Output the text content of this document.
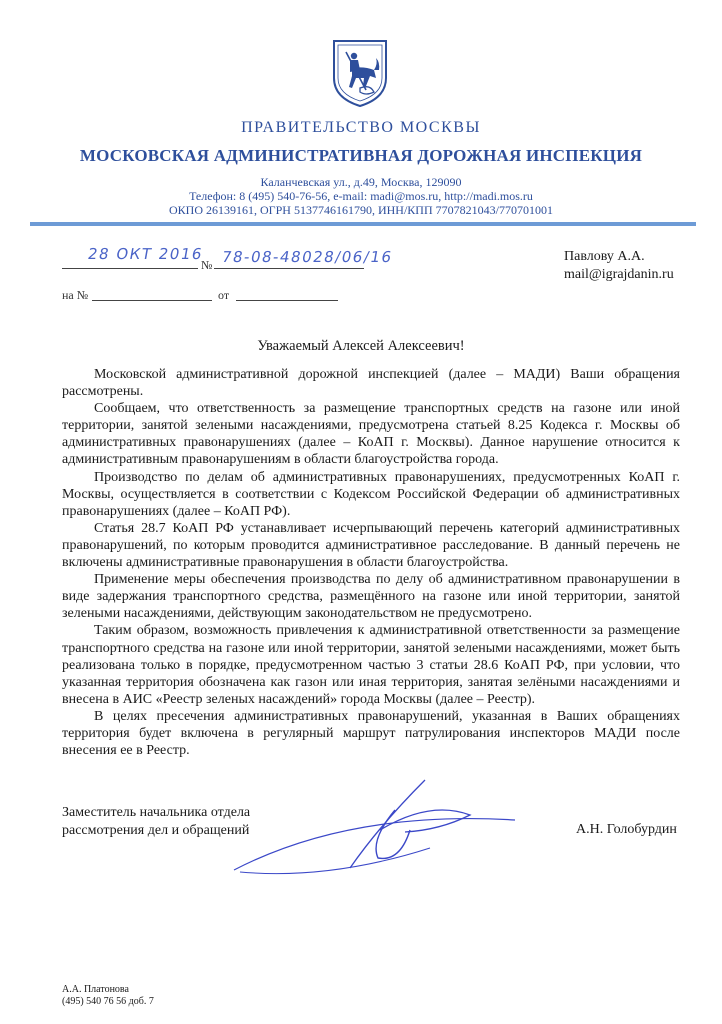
ПРАВИТЕЛЬСТВО МОСКВЫ
МОСКОВСКАЯ АДМИНИСТРАТИВНАЯ ДОРОЖНАЯ ИНСПЕКЦИЯ
Каланчевская ул., д.49, Москва, 129090
Телефон: 8 (495) 540-76-56, e-mail: madi@mos.ru, http://madi.mos.ru
ОКПО 26139161, ОГРН 5137746161790, ИНН/КПП 7707821043/770701001
28 ОКТ 2016
№ 78-08-48028/06/16
на №	от
Павлову А.А.
mail@igrajdanin.ru
Уважаемый Алексей Алексеевич!

Московской административной дорожной инспекцией (далее – МАДИ) Ваши обращения рассмотрены.

Сообщаем, что ответственность за размещение транспортных средств на газоне или иной территории, занятой зелеными насаждениями, предусмотрена статьей 8.25 Кодекса г. Москвы об административных правонарушениях (далее – КоАП г. Москвы). Данное нарушение относится к административным правонарушениям в области благоустройства города.

Производство по делам об административных правонарушениях, предусмотренных КоАП г. Москвы, осуществляется в соответствии с Кодексом Российской Федерации об административных правонарушениях (далее – КоАП РФ).

Статья 28.7 КоАП РФ устанавливает исчерпывающий перечень категорий административных правонарушений, по которым проводится административное расследование. В данный перечень не включены административные правонарушения в области благоустройства.

Применение меры обеспечения производства по делу об административном правонарушении в виде задержания транспортного средства, размещённого на газоне или иной территории, занятой зелеными насаждениями, действующим законодательством не предусмотрено.

Таким образом, возможность привлечения к административной ответственности за размещение транспортного средства на газоне или иной территории, занятой зелеными насаждениями, может быть реализована только в порядке, предусмотренном частью 3 статьи 28.6 КоАП РФ, при условии, что указанная территория обозначена как газон или иная территория, занятая зелёными насаждениями и внесена в АИС «Реестр зеленых насаждений» города Москвы (далее – Реестр).

В целях пресечения административных правонарушений, указанная в Ваших обращениях территория будет включена в регулярный маршрут патрулирования инспекторов МАДИ после внесения ее в Реестр.

Заместитель начальника отдела
рассмотрения дел и обращений	А.Н. Голобурдин
А.А. Платонова
(495) 540 76 56 доб. 7
